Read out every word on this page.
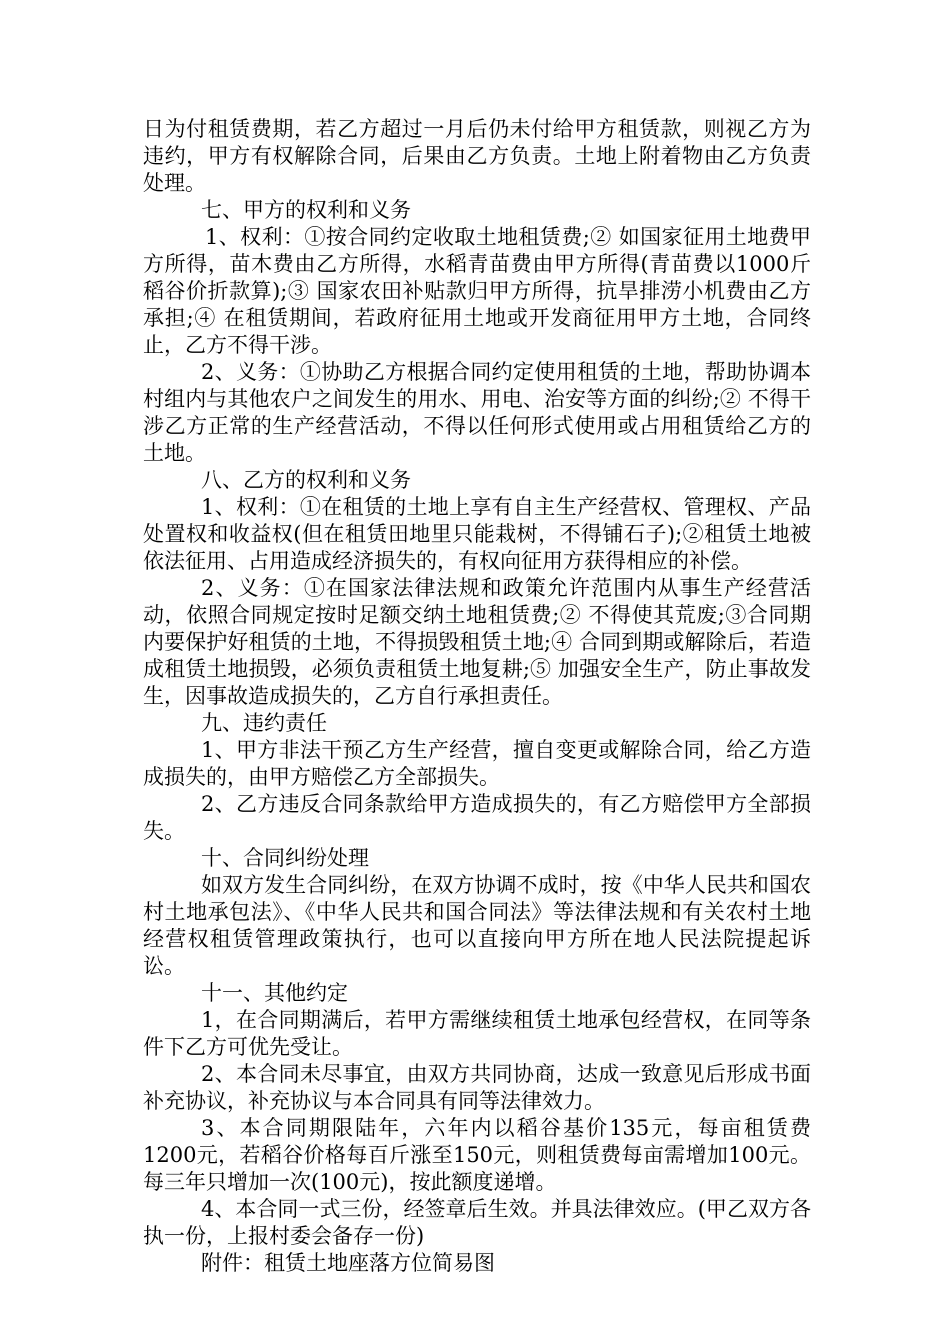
日为付租赁费期，若乙方超过一月后仍未付给甲方租赁款，则视乙方为违约，甲方有权解除合同，后果由乙方负责。土地上附着物由乙方负责处理。

七、甲方的权利和义务

1、权利：①按合同约定收取土地租赁费;② 如国家征用土地费甲方所得，苗木费由乙方所得，水稻青苗费由甲方所得(青苗费以1000斤稻谷价折款算);③ 国家农田补贴款归甲方所得，抗旱排涝小机费由乙方承担;④ 在租赁期间，若政府征用土地或开发商征用甲方土地，合同终止，乙方不得干涉。

2、义务：①协助乙方根据合同约定使用租赁的土地，帮助协调本村组内与其他农户之间发生的用水、用电、治安等方面的纠纷;② 不得干涉乙方正常的生产经营活动，不得以任何形式使用或占用租赁给乙方的土地。

八、乙方的权利和义务

1、权利：①在租赁的土地上享有自主生产经营权、管理权、产品处置权和收益权(但在租赁田地里只能栽树，不得铺石子);②租赁土地被依法征用、占用造成经济损失的，有权向征用方获得相应的补偿。

2、义务：①在国家法律法规和政策允许范围内从事生产经营活动，依照合同规定按时足额交纳土地租赁费;② 不得使其荒废;③合同期内要保护好租赁的土地，不得损毁租赁土地;④ 合同到期或解除后，若造成租赁土地损毁，必须负责租赁土地复耕;⑤ 加强安全生产，防止事故发生，因事故造成损失的，乙方自行承担责任。

九、违约责任

1、甲方非法干预乙方生产经营，擅自变更或解除合同，给乙方造成损失的，由甲方赔偿乙方全部损失。

2、乙方违反合同条款给甲方造成损失的，有乙方赔偿甲方全部损失。

十、合同纠纷处理

如双方发生合同纠纷，在双方协调不成时，按《中华人民共和国农村土地承包法》、《中华人民共和国合同法》等法律法规和有关农村土地经营权租赁管理政策执行，也可以直接向甲方所在地人民法院提起诉讼。

十一、其他约定

1，在合同期满后，若甲方需继续租赁土地承包经营权，在同等条件下乙方可优先受让。

2、本合同未尽事宜，由双方共同协商，达成一致意见后形成书面补充协议，补充协议与本合同具有同等法律效力。

3、本合同期限陆年，六年内以稻谷基价135元，每亩租赁费1200元，若稻谷价格每百斤涨至150元，则租赁费每亩需增加100元。每三年只增加一次(100元)，按此额度递增。

4、本合同一式三份，经签章后生效。并具法律效应。(甲乙双方各执一份，上报村委会备存一份)

附件：租赁土地座落方位简易图
